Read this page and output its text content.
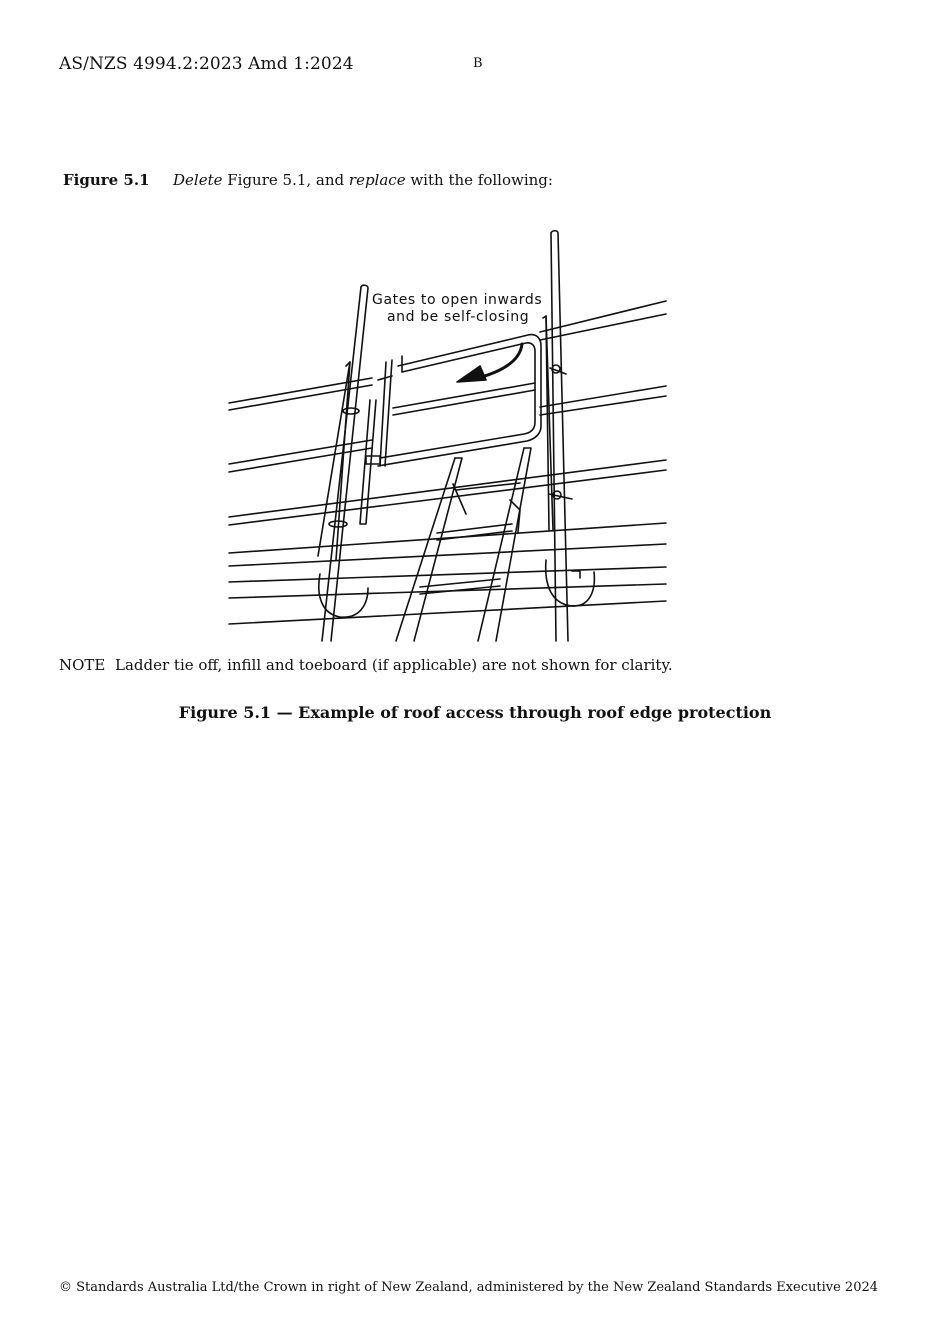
AS/NZS 4994.2:2023 Amd 1:2024	B
Figure 5.1 Delete Figure 5.1, and replace with the following:
Gates to open inwards
and be self-closing
NOTE Ladder tie off, infill and toeboard (if applicable) are not shown for clarity.
Figure 5.1 — Example of roof access through roof edge protection
© Standards Australia Ltd/the Crown in right of New Zealand, administered by the New Zealand Standards Executive 2024
